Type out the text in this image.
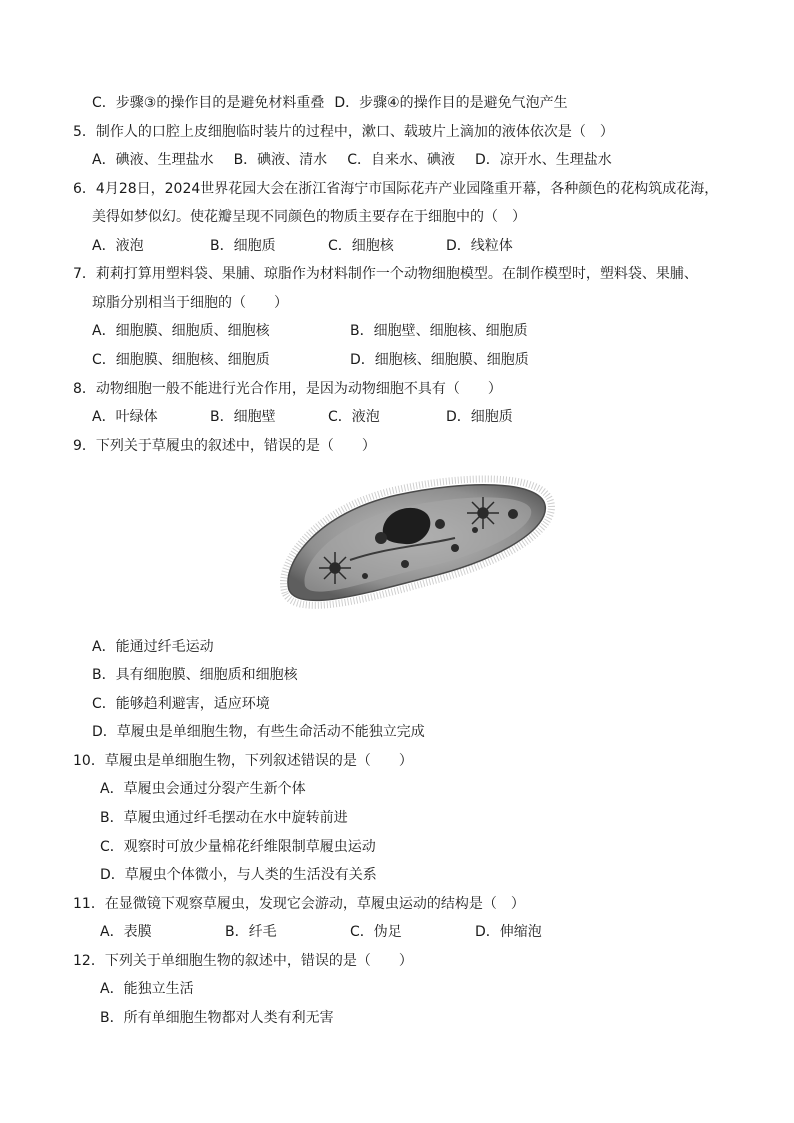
C．步骤③的操作目的是避免材料重叠 D．步骤④的操作目的是避免气泡产生
5．制作人的口腔上皮细胞临时装片的过程中，漱口、载玻片上滴加的液体依次是（　）
A．碘液、生理盐水 B．碘液、清水 C．自来水、碘液 D．凉开水、生理盐水
6．4月28日，2024世界花园大会在浙江省海宁市国际花卉产业园隆重开幕，各种颜色的花构筑成花海，
美得如梦似幻。使花瓣呈现不同颜色的物质主要存在于细胞中的（　）
A．液泡	B．细胞质	C．细胞核	D．线粒体
7．莉莉打算用塑料袋、果脯、琼脂作为材料制作一个动物细胞模型。在制作模型时，塑料袋、果脯、
琼脂分别相当于细胞的（　　）
A．细胞膜、细胞质、细胞核	B．细胞壁、细胞核、细胞质
C．细胞膜、细胞核、细胞质	D．细胞核、细胞膜、细胞质
8．动物细胞一般不能进行光合作用，是因为动物细胞不具有（　　）
A．叶绿体	B．细胞壁	C．液泡	D．细胞质
9．下列关于草履虫的叙述中，错误的是（　　）
A．能通过纤毛运动
B．具有细胞膜、细胞质和细胞核
C．能够趋利避害，适应环境
D．草履虫是单细胞生物，有些生命活动不能独立完成
10．草履虫是单细胞生物，下列叙述错误的是（　　）
A．草履虫会通过分裂产生新个体
B．草履虫通过纤毛摆动在水中旋转前进
C．观察时可放少量棉花纤维限制草履虫运动
D．草履虫个体微小，与人类的生活没有关系
11．在显微镜下观察草履虫，发现它会游动，草履虫运动的结构是（　）
A．表膜	B．纤毛	C．伪足	D．伸缩泡
12．下列关于单细胞生物的叙述中，错误的是（　　）
A．能独立生活
B．所有单细胞生物都对人类有利无害
